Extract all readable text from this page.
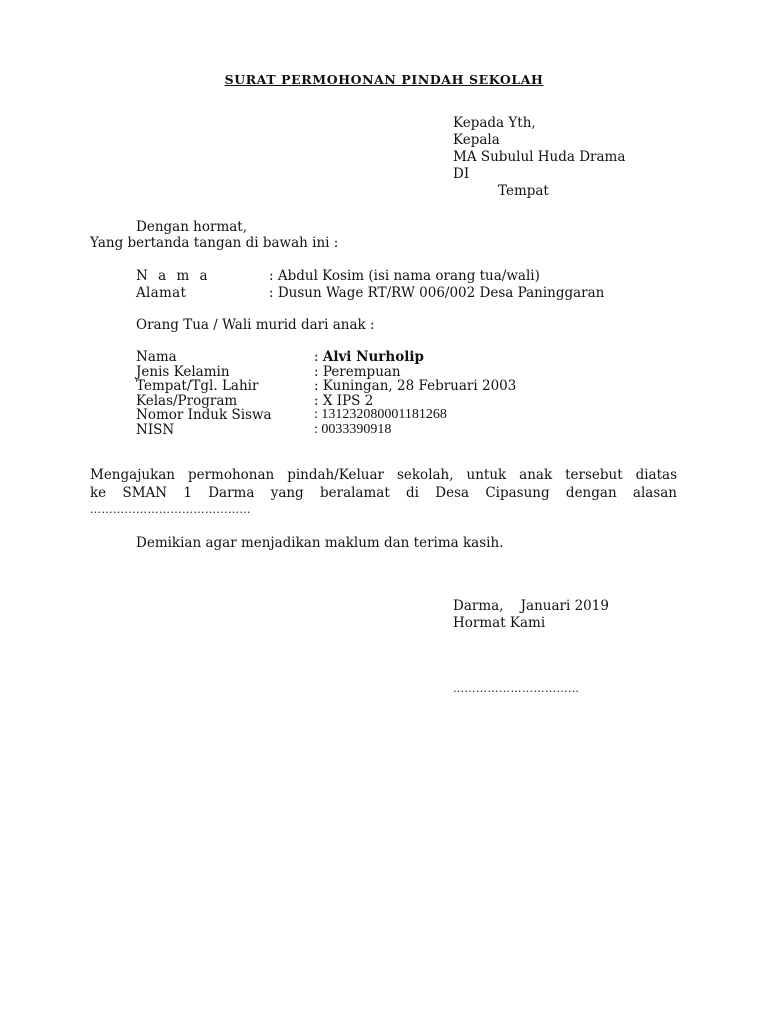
SURAT PERMOHONAN PINDAH SEKOLAH
Kepada Yth,
Kepala
MA Subulul Huda Drama
DI
Tempat
Dengan hormat,
Yang bertanda tangan di bawah ini :
N a m a	: Abdul Kosim (isi nama orang tua/wali)
Alamat	: Dusun Wage RT/RW 006/002 Desa Paninggaran
Orang Tua / Wali murid dari anak :
Nama	: Alvi Nurholip
Jenis Kelamin	: Perempuan
Tempat/Tgl. Lahir	: Kuningan, 28 Februari 2003
Kelas/Program	: X IPS 2
Nomor Induk Siswa	: 131232080001181268
NISN	: 0033390918

Mengajukan permohonan pindah/Keluar sekolah, untuk anak tersebut diatas

ke SMAN 1 Darma yang beralamat di Desa Cipasung dengan alasan

……………………………………

Demikian agar menjadikan maklum dan terima kasih.
Darma,    Januari 2019
Hormat Kami
……………………………
